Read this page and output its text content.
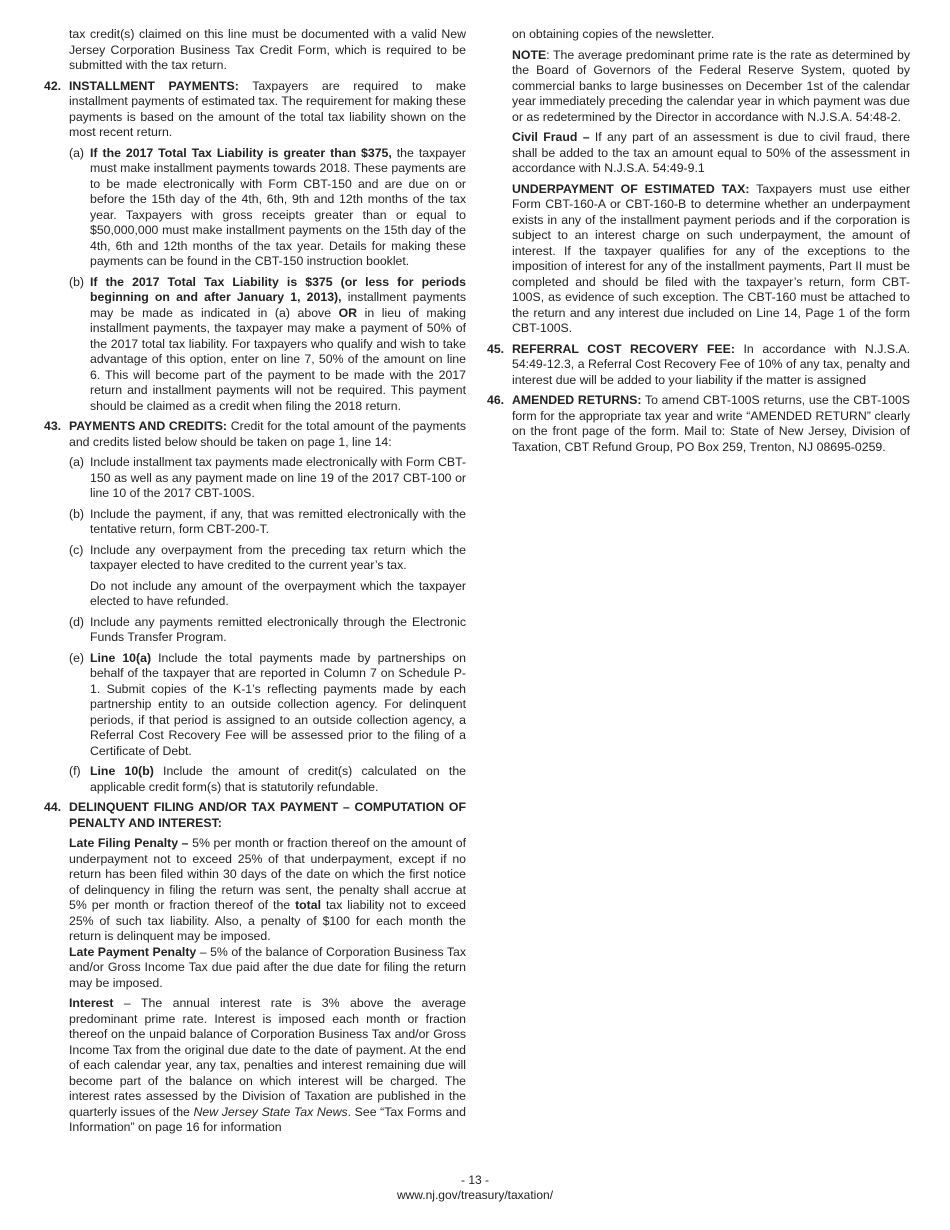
tax credit(s) claimed on this line must be documented with a valid New Jersey Corporation Business Tax Credit Form, which is required to be submitted with the tax return.

42. INSTALLMENT PAYMENTS: Taxpayers are required to make installment payments of estimated tax. The requirement for making these payments is based on the amount of the total tax liability shown on the most recent return.
(a) If the 2017 Total Tax Liability is greater than $375, the taxpayer must make installment payments towards 2018. These payments are to be made electronically with Form CBT-150 and are due on or before the 15th day of the 4th, 6th, 9th and 12th months of the tax year. Taxpayers with gross receipts greater than or equal to $50,000,000 must make installment payments on the 15th day of the 4th, 6th and 12th months of the tax year. Details for making these payments can be found in the CBT-150 instruction booklet.
(b) If the 2017 Total Tax Liability is $375 (or less for periods beginning on and after January 1, 2013), installment payments may be made as indicated in (a) above OR in lieu of making installment payments, the taxpayer may make a payment of 50% of the 2017 total tax liability. For taxpayers who qualify and wish to take advantage of this option, enter on line 7, 50% of the amount on line 6. This will become part of the payment to be made with the 2017 return and installment payments will not be required. This payment should be claimed as a credit when filing the 2018 return.
43. PAYMENTS AND CREDITS: Credit for the total amount of the payments and credits listed below should be taken on page 1, line 14:
(a) Include installment tax payments made electronically with Form CBT-150 as well as any payment made on line 19 of the 2017 CBT-100 or line 10 of the 2017 CBT-100S.
(b) Include the payment, if any, that was remitted electronically with the tentative return, form CBT-200-T.
(c) Include any overpayment from the preceding tax return which the taxpayer elected to have credited to the current year’s tax.

Do not include any amount of the overpayment which the taxpayer elected to have refunded.

(d) Include any payments remitted electronically through the Electronic Funds Transfer Program.
(e) Line 10(a) Include the total payments made by partnerships on behalf of the taxpayer that are reported in Column 7 on Schedule P-1. Submit copies of the K-1’s reflecting payments made by each partnership entity to an outside collection agency. For delinquent periods, if that period is assigned to an outside collection agency, a Referral Cost Recovery Fee will be assessed prior to the filing of a Certificate of Debt.
(f) Line 10(b) Include the amount of credit(s) calculated on the applicable credit form(s) that is statutorily refundable.
44. DELINQUENT FILING AND/OR TAX PAYMENT – COMPUTATION OF PENALTY AND INTEREST:

Late Filing Penalty – 5% per month or fraction thereof on the amount of underpayment not to exceed 25% of that underpayment, except if no return has been filed within 30 days of the date on which the first notice of delinquency in filing the return was sent, the penalty shall accrue at 5% per month or fraction thereof of the total tax liability not to exceed 25% of such tax liability. Also, a penalty of $100 for each month the return is delinquent may be imposed.

Late Payment Penalty – 5% of the balance of Corporation Business Tax and/or Gross Income Tax due paid after the due date for filing the return may be imposed.

Interest – The annual interest rate is 3% above the average predominant prime rate. Interest is imposed each month or fraction thereof on the unpaid balance of Corporation Business Tax and/or Gross Income Tax from the original due date to the date of payment. At the end of each calendar year, any tax, penalties and interest remaining due will become part of the balance on which interest will be charged. The interest rates assessed by the Division of Taxation are published in the quarterly issues of the New Jersey State Tax News. See “Tax Forms and Information” on page 16 for information

on obtaining copies of the newsletter.

NOTE: The average predominant prime rate is the rate as determined by the Board of Governors of the Federal Reserve System, quoted by commercial banks to large businesses on December 1st of the calendar year immediately preceding the calendar year in which payment was due or as redetermined by the Director in accordance with N.J.S.A. 54:48-2.

Civil Fraud – If any part of an assessment is due to civil fraud, there shall be added to the tax an amount equal to 50% of the assessment in accordance with N.J.S.A. 54:49-9.1

UNDERPAYMENT OF ESTIMATED TAX: Taxpayers must use either Form CBT-160-A or CBT-160-B to determine whether an underpayment exists in any of the installment payment periods and if the corporation is subject to an interest charge on such underpayment, the amount of interest. If the taxpayer qualifies for any of the exceptions to the imposition of interest for any of the installment payments, Part II must be completed and should be filed with the taxpayer’s return, form CBT-100S, as evidence of such exception. The CBT-160 must be attached to the return and any interest due included on Line 14, Page 1 of the form CBT-100S.

45. REFERRAL COST RECOVERY FEE: In accordance with N.J.S.A. 54:49-12.3, a Referral Cost Recovery Fee of 10% of any tax, penalty and interest due will be added to your liability if the matter is assigned
46. AMENDED RETURNS: To amend CBT-100S returns, use the CBT-100S form for the appropriate tax year and write “AMENDED RETURN” clearly on the front page of the form. Mail to: State of New Jersey, Division of Taxation, CBT Refund Group, PO Box 259, Trenton, NJ 08695-0259.
- 13 -
www.nj.gov/treasury/taxation/
